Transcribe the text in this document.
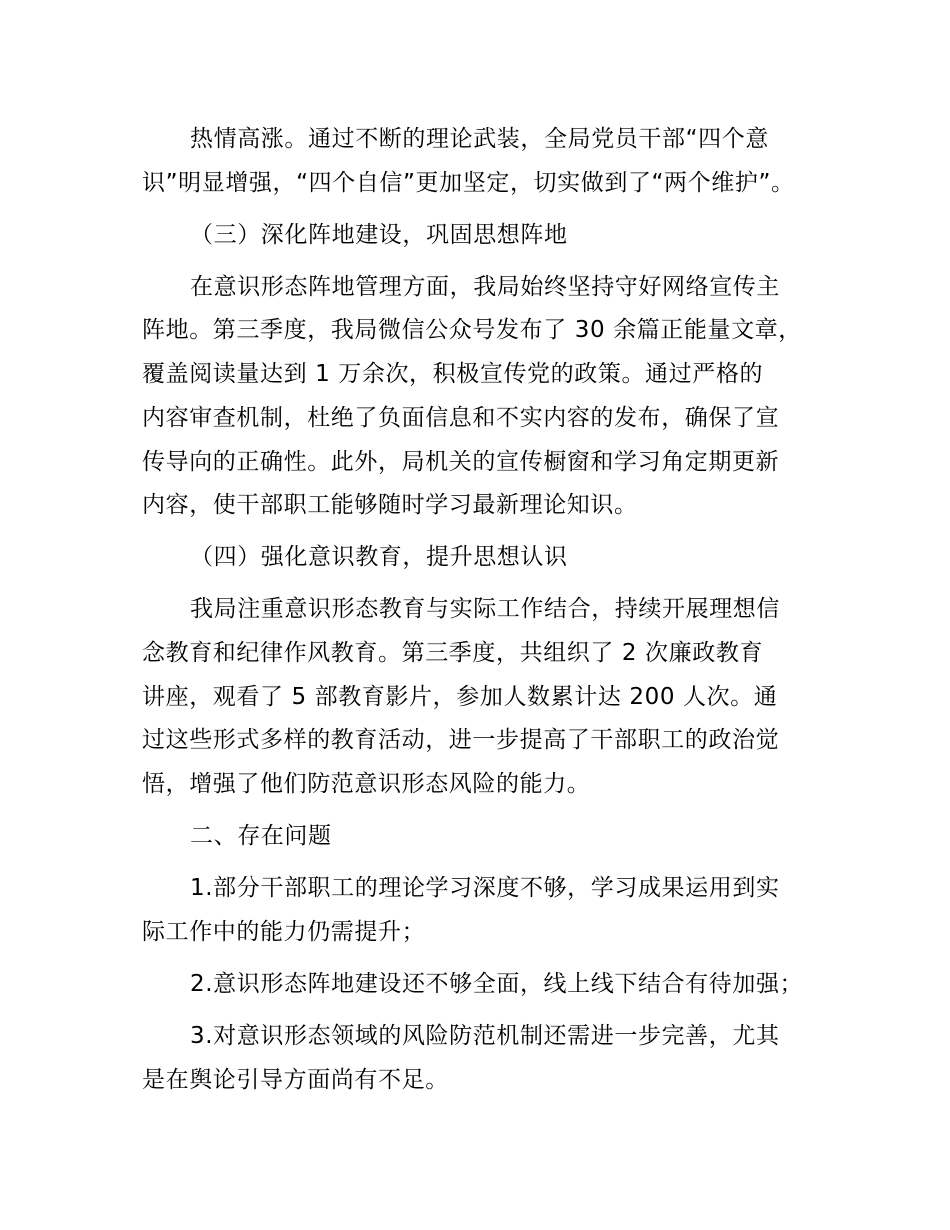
热情高涨。通过不断的理论武装，全局党员干部“四个意
识”明显增强，“四个自信”更加坚定，切实做到了“两个维护”。
（三）深化阵地建设，巩固思想阵地
在意识形态阵地管理方面，我局始终坚持守好网络宣传主
阵地。第三季度，我局微信公众号发布了 30 余篇正能量文章，
覆盖阅读量达到 1 万余次，积极宣传党的政策。通过严格的
内容审查机制，杜绝了负面信息和不实内容的发布，确保了宣
传导向的正确性。此外，局机关的宣传橱窗和学习角定期更新
内容，使干部职工能够随时学习最新理论知识。
（四）强化意识教育，提升思想认识
我局注重意识形态教育与实际工作结合，持续开展理想信
念教育和纪律作风教育。第三季度，共组织了 2 次廉政教育
讲座，观看了 5 部教育影片，参加人数累计达 200 人次。通
过这些形式多样的教育活动，进一步提高了干部职工的政治觉
悟，增强了他们防范意识形态风险的能力。
二、存在问题
1.部分干部职工的理论学习深度不够，学习成果运用到实
际工作中的能力仍需提升；
2.意识形态阵地建设还不够全面，线上线下结合有待加强；
3.对意识形态领域的风险防范机制还需进一步完善，尤其
是在舆论引导方面尚有不足。
